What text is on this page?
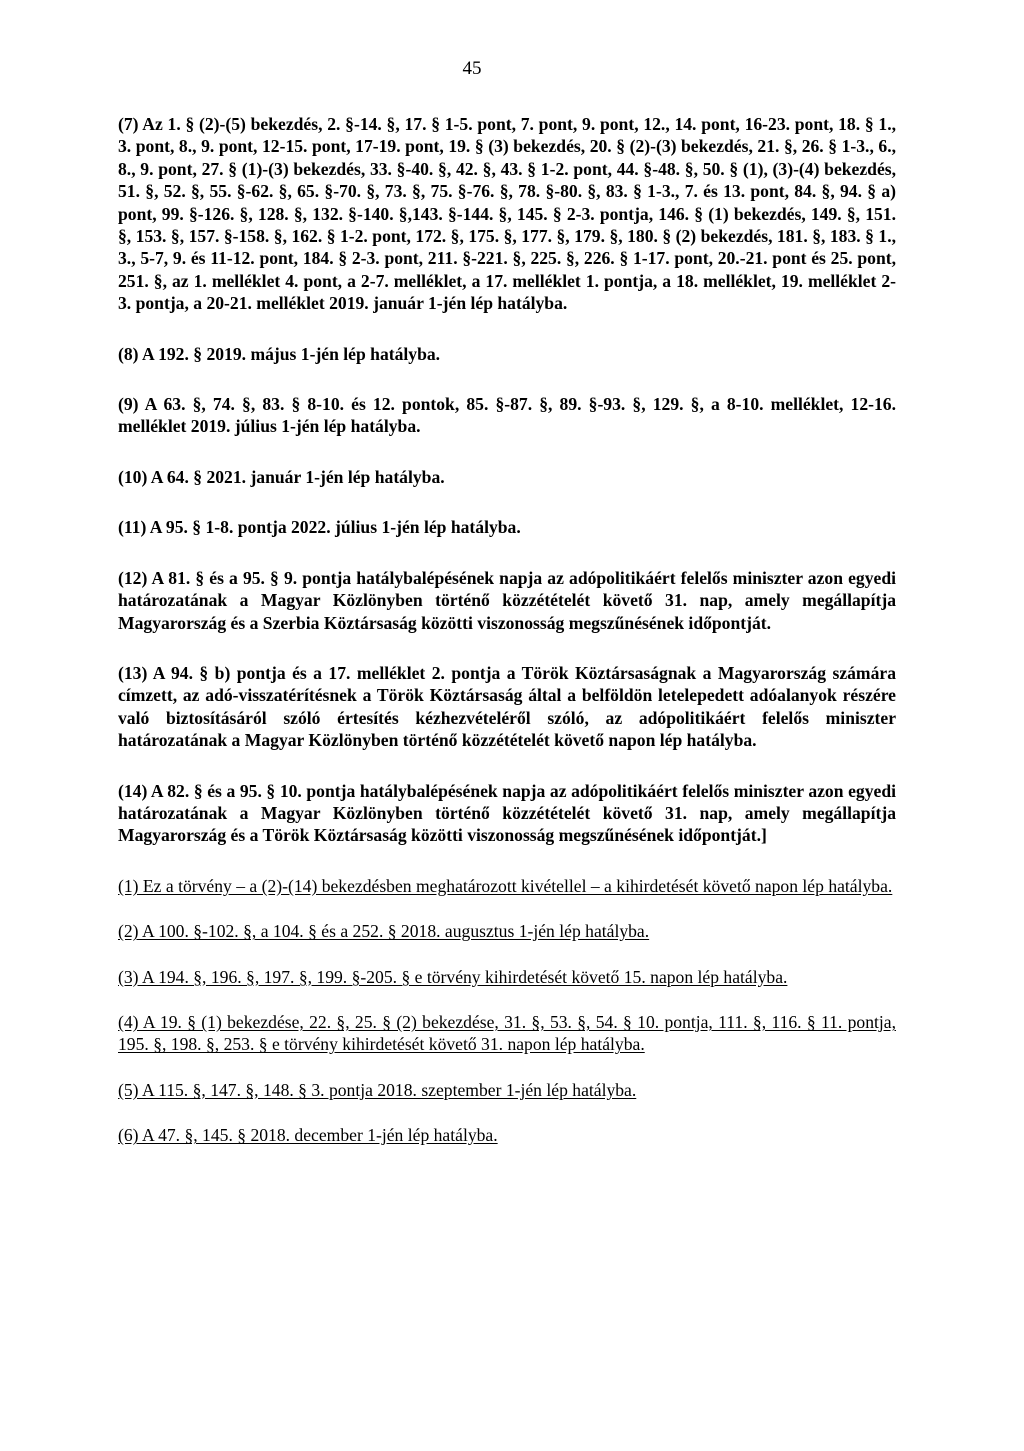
45

(7) Az 1. § (2)-(5) bekezdés, 2. §-14. §, 17. § 1-5. pont, 7. pont, 9. pont, 12., 14. pont, 16-23. pont, 18. § 1., 3. pont, 8., 9. pont, 12-15. pont, 17-19. pont, 19. § (3) bekezdés, 20. § (2)-(3) bekezdés, 21. §, 26. § 1-3., 6., 8., 9. pont, 27. § (1)-(3) bekezdés, 33. §-40. §, 42. §, 43. § 1-2. pont, 44. §-48. §, 50. § (1), (3)-(4) bekezdés, 51. §, 52. §, 55. §-62. §, 65. §-70. §, 73. §, 75. §-76. §, 78. §-80. §, 83. § 1-3., 7. és 13. pont, 84. §, 94. § a) pont, 99. §-126. §, 128. §, 132. §-140. §,143. §-144. §, 145. § 2-3. pontja, 146. § (1) bekezdés, 149. §, 151. §, 153. §, 157. §-158. §, 162. § 1-2. pont, 172. §, 175. §, 177. §, 179. §, 180. § (2) bekezdés, 181. §, 183. § 1., 3., 5-7, 9. és 11-12. pont, 184. § 2-3. pont, 211. §-221. §, 225. §, 226. § 1-17. pont, 20.-21. pont és 25. pont, 251. §, az 1. melléklet 4. pont, a 2-7. melléklet, a 17. melléklet 1. pontja, a 18. melléklet, 19. melléklet 2-3. pontja, a 20-21. melléklet 2019. január 1-jén lép hatályba.

(8) A 192. § 2019. május 1-jén lép hatályba.

(9) A 63. §, 74. §, 83. § 8-10. és 12. pontok, 85. §-87. §, 89. §-93. §, 129. §, a 8-10. melléklet, 12-16. melléklet 2019. július 1-jén lép hatályba.

(10) A 64. § 2021. január 1-jén lép hatályba.

(11) A 95. § 1-8. pontja 2022. július 1-jén lép hatályba.

(12) A 81. § és a 95. § 9. pontja hatálybalépésének napja az adópolitikáért felelős miniszter azon egyedi határozatának a Magyar Közlönyben történő közzétételét követő 31. nap, amely megállapítja Magyarország és a Szerbia Köztársaság közötti viszonosság megszűnésének időpontját.

(13) A 94. § b) pontja és a 17. melléklet 2. pontja a Török Köztársaságnak a Magyarország számára címzett, az adó-visszatérítésnek a Török Köztársaság által a belföldön letelepedett adóalanyok részére való biztosításáról szóló értesítés kézhezvételéről szóló, az adópolitikáért felelős miniszter határozatának a Magyar Közlönyben történő közzétételét követő napon lép hatályba.

(14) A 82. § és a 95. § 10. pontja hatálybalépésének napja az adópolitikáért felelős miniszter azon egyedi határozatának a Magyar Közlönyben történő közzétételét követő 31. nap, amely megállapítja Magyarország és a Török Köztársaság közötti viszonosság megszűnésének időpontját.]

(1) Ez a törvény – a (2)-(14) bekezdésben meghatározott kivétellel – a kihirdetését követő napon lép hatályba.

(2) A 100. §-102. §, a 104. § és a 252. § 2018. augusztus 1-jén lép hatályba.

(3) A 194. §, 196. §, 197. §, 199. §-205. § e törvény kihirdetését követő 15. napon lép hatályba.

(4) A 19. § (1) bekezdése, 22. §, 25. § (2) bekezdése, 31. §, 53. §, 54. § 10. pontja, 111. §, 116. § 11. pontja, 195. §, 198. §, 253. § e törvény kihirdetését követő 31. napon lép hatályba.

(5) A 115. §, 147. §, 148. § 3. pontja 2018. szeptember 1-jén lép hatályba.

(6) A 47. §, 145. § 2018. december 1-jén lép hatályba.
